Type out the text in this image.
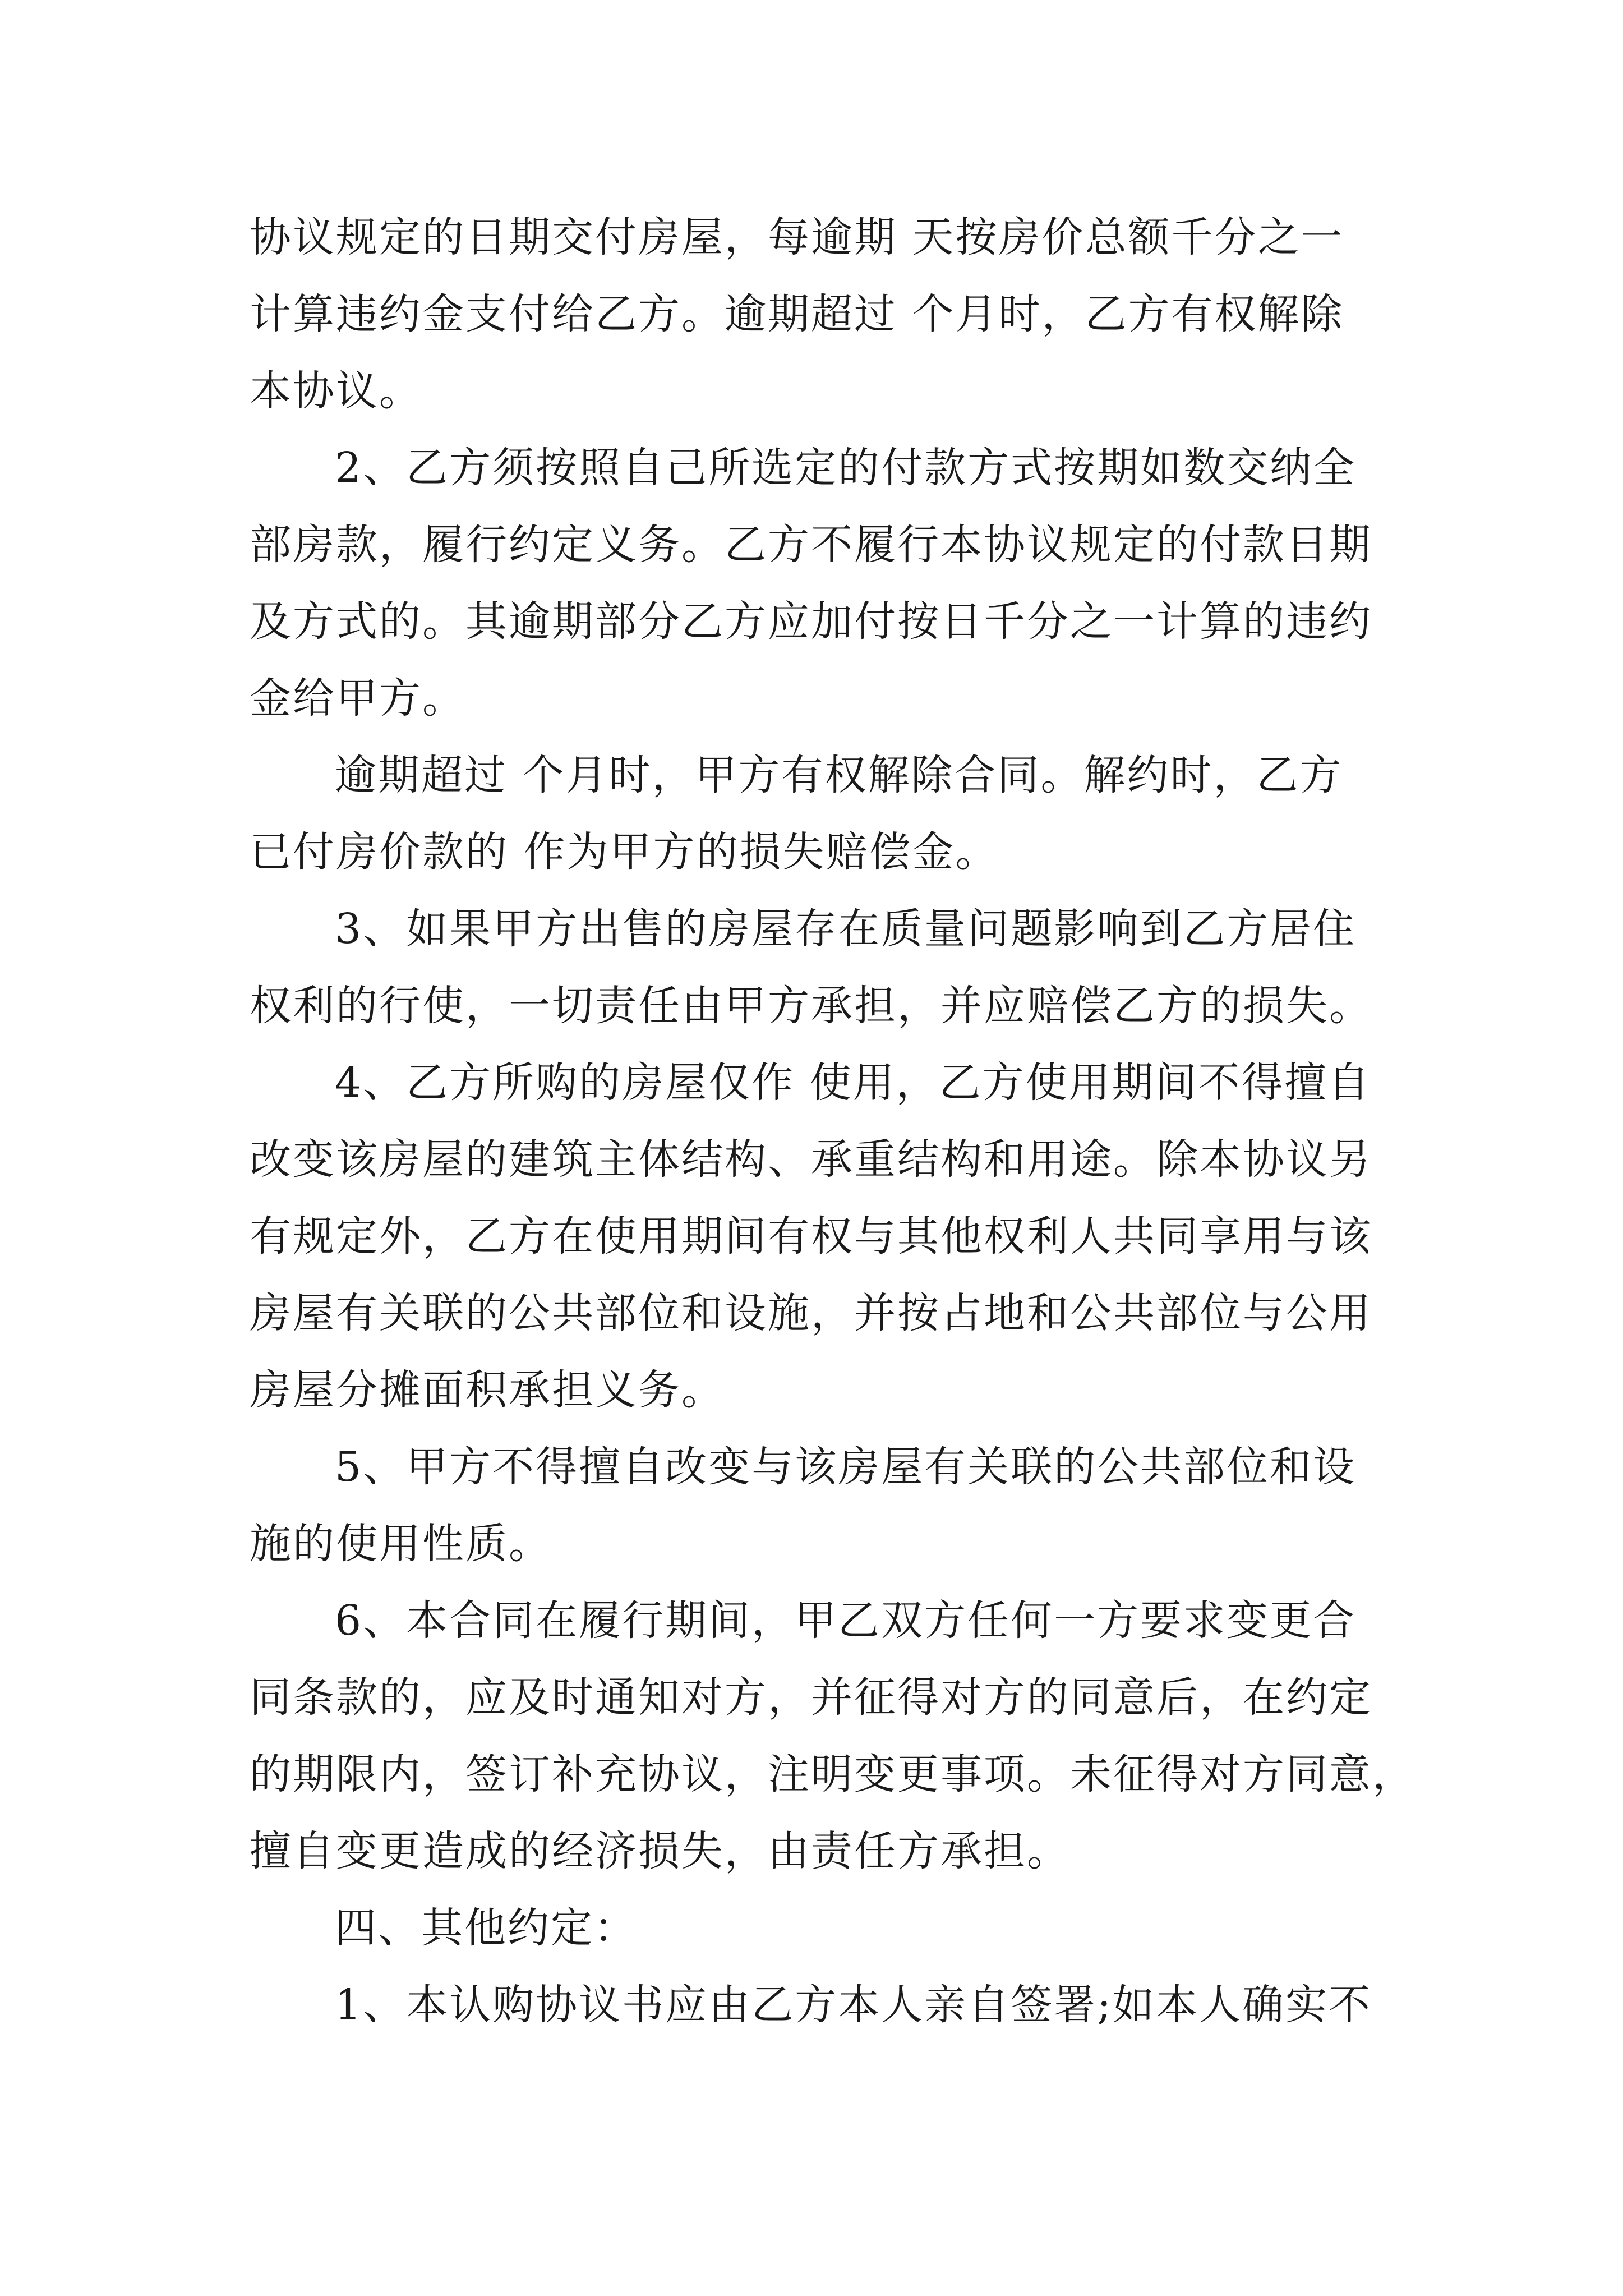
协议规定的日期交付房屋，每逾期 天按房价总额千分之一
计算违约金支付给乙方。逾期超过 个月时，乙方有权解除
本协议。
2、乙方须按照自己所选定的付款方式按期如数交纳全
部房款，履行约定义务。乙方不履行本协议规定的付款日期
及方式的。其逾期部分乙方应加付按日千分之一计算的违约
金给甲方。
逾期超过 个月时，甲方有权解除合同。解约时，乙方
已付房价款的 作为甲方的损失赔偿金。
3、如果甲方出售的房屋存在质量问题影响到乙方居住
权利的行使，一切责任由甲方承担，并应赔偿乙方的损失。
4、乙方所购的房屋仅作 使用，乙方使用期间不得擅自
改变该房屋的建筑主体结构、承重结构和用途。除本协议另
有规定外，乙方在使用期间有权与其他权利人共同享用与该
房屋有关联的公共部位和设施，并按占地和公共部位与公用
房屋分摊面积承担义务。
5、甲方不得擅自改变与该房屋有关联的公共部位和设
施的使用性质。
6、本合同在履行期间，甲乙双方任何一方要求变更合
同条款的，应及时通知对方，并征得对方的同意后，在约定
的期限内，签订补充协议，注明变更事项。未征得对方同意，
擅自变更造成的经济损失，由责任方承担。
四、其他约定：
1、本认购协议书应由乙方本人亲自签署;如本人确实不
